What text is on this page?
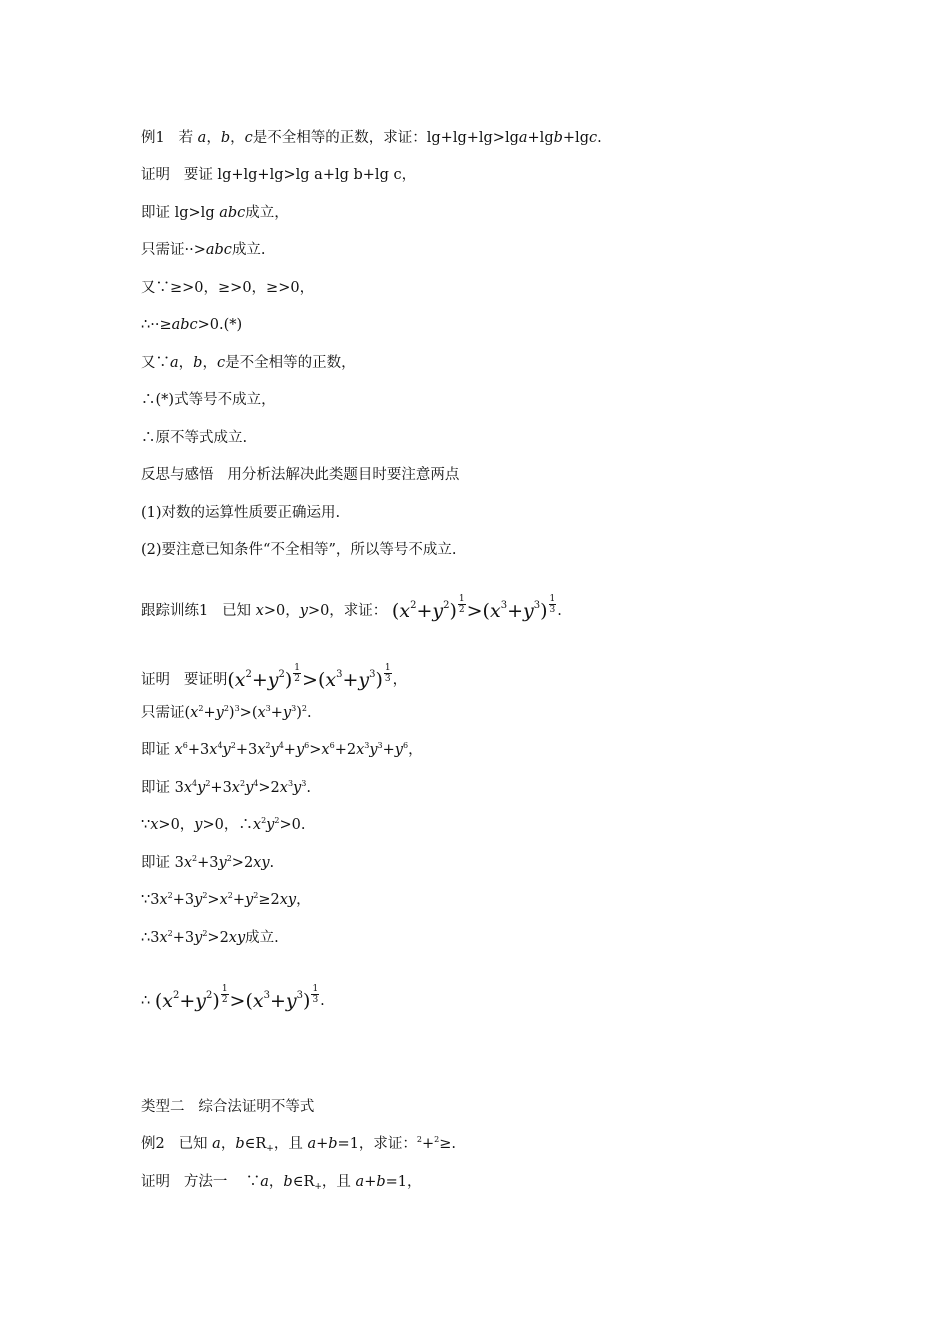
例1 若 a，b，c是不全相等的正数，求证：lg+lg+lg>lga+lgb+lgc.
证明 要证 lg+lg+lg>lg a+lg b+lg c，
即证 lg>lg abc成立，
只需证··>abc成立.
又∵≥>0，≥>0，≥>0，
∴··≥abc>0.(*)
又∵a，b，c是不全相等的正数，
∴(*)式等号不成立，
∴原不等式成立.
反思与感悟 用分析法解决此类题目时要注意两点
(1)对数的运算性质要正确运用.
(2)要注意已知条件“不全相等”，所以等号不成立.
跟踪训练1 已知 x>0，y>0，求证： $(x^2+y^2) \frac{1}{2} >(x^3+y^3) \frac{1}{3}$ .
证明 要证明$(x^2+y^2) \frac{1}{2} >(x^3+y^3) \frac{1}{3}$ ，
只需证$(x^2+y^2)^3>(x^3+y^3)^2$.
即证 $x^6+3x^4y^2+3x^2y^4+y^6>x^6+2x^3y^3+y^6$，
即证 $3x^4y^2+3x^2y^4>2x^3y^3$.
∵x>0，y>0，$\therefore x^2y^2>0$.
即证 $3x^2+3y^2>2xy$.
$\because 3x^2+3y^2>x^2+y^2\ge 2xy$，
$\therefore 3x^2+3y^2>2xy$成立.
∴ $(x^2+y^2) \frac{1}{2} >(x^3+y^3) \frac{1}{3}$ .
类型二 综合法证明不等式
例2 已知 a，$b\in R_+$，且 a+b=1，求证：$^2$+$^2$≥.
证明 方法一 ∵a，$b\in R_+$，且 a+b=1，
